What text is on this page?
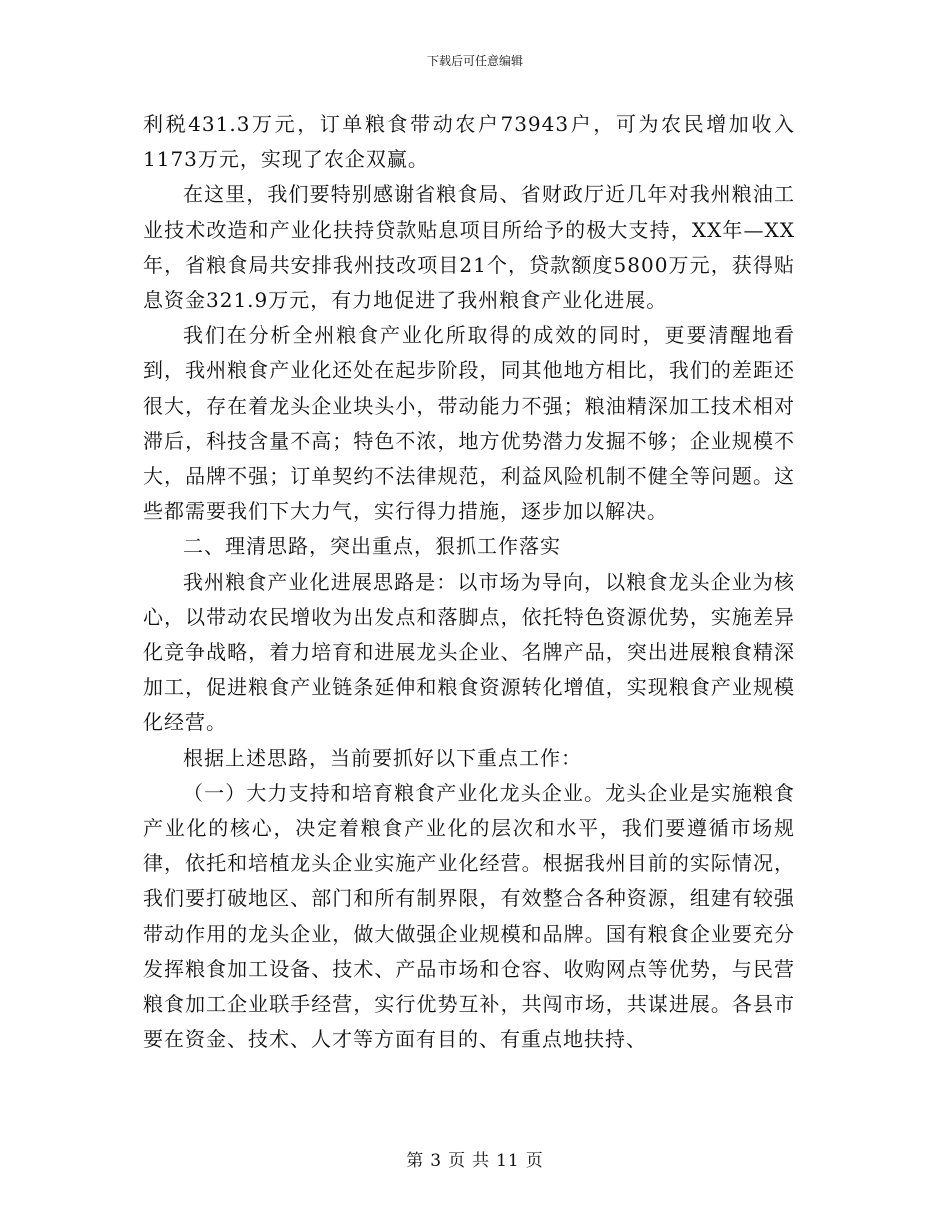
下载后可任意编辑

利税431.3万元，订单粮食带动农户73943户，可为农民增加收入1173万元，实现了农企双赢。

在这里，我们要特别感谢省粮食局、省财政厅近几年对我州粮油工业技术改造和产业化扶持贷款贴息项目所给予的极大支持，XX年—XX年，省粮食局共安排我州技改项目21个，贷款额度5800万元，获得贴息资金321.9万元，有力地促进了我州粮食产业化进展。

我们在分析全州粮食产业化所取得的成效的同时，更要清醒地看到，我州粮食产业化还处在起步阶段，同其他地方相比，我们的差距还很大，存在着龙头企业块头小，带动能力不强；粮油精深加工技术相对滞后，科技含量不高；特色不浓，地方优势潜力发掘不够；企业规模不大，品牌不强；订单契约不法律规范，利益风险机制不健全等问题。这些都需要我们下大力气，实行得力措施，逐步加以解决。

二、理清思路，突出重点，狠抓工作落实

我州粮食产业化进展思路是：以市场为导向，以粮食龙头企业为核心，以带动农民增收为出发点和落脚点，依托特色资源优势，实施差异化竞争战略，着力培育和进展龙头企业、名牌产品，突出进展粮食精深加工，促进粮食产业链条延伸和粮食资源转化增值，实现粮食产业规模化经营。

根据上述思路，当前要抓好以下重点工作：

（一）大力支持和培育粮食产业化龙头企业。龙头企业是实施粮食产业化的核心，决定着粮食产业化的层次和水平，我们要遵循市场规律，依托和培植龙头企业实施产业化经营。根据我州目前的实际情况，我们要打破地区、部门和所有制界限，有效整合各种资源，组建有较强带动作用的龙头企业，做大做强企业规模和品牌。国有粮食企业要充分发挥粮食加工设备、技术、产品市场和仓容、收购网点等优势，与民营粮食加工企业联手经营，实行优势互补，共闯市场，共谋进展。各县市要在资金、技术、人才等方面有目的、有重点地扶持、

第 3 页 共 11 页
